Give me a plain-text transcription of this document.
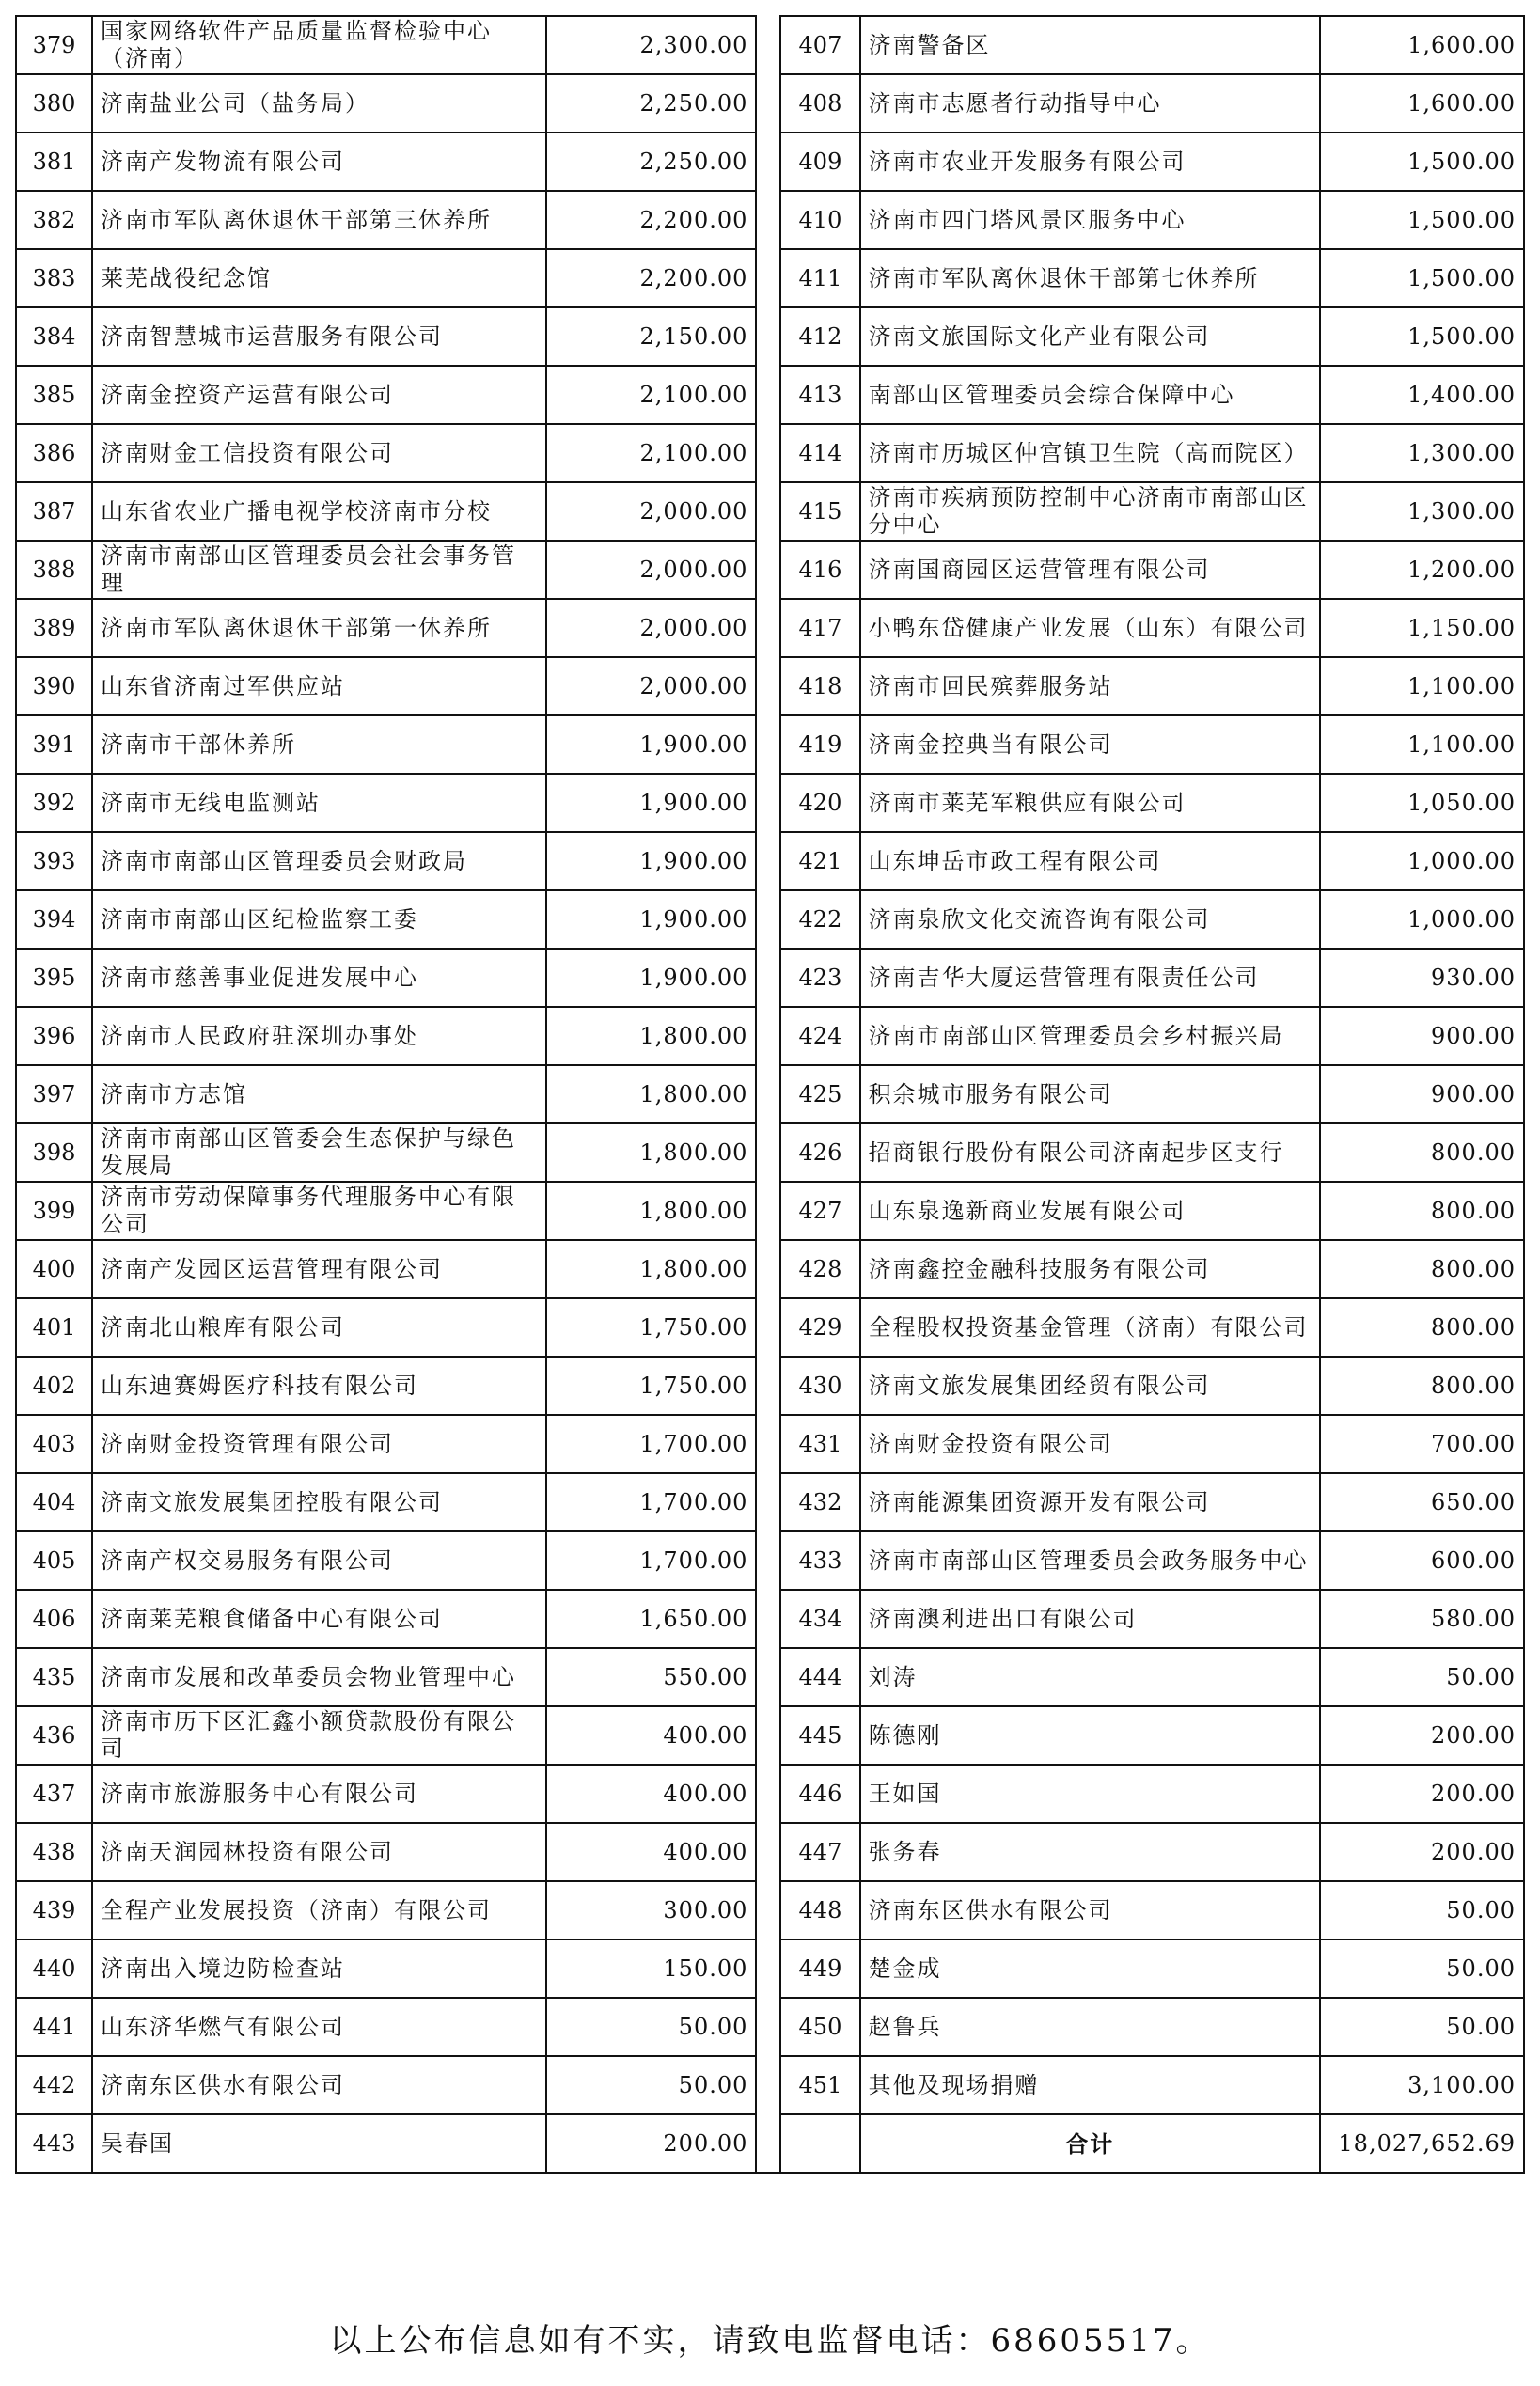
379	国家网络软件产品质量监督检验中心（济南）	2,300.00		407	济南警备区	1,600.00
380	济南盐业公司（盐务局）	2,250.00		408	济南市志愿者行动指导中心	1,600.00
381	济南产发物流有限公司	2,250.00		409	济南市农业开发服务有限公司	1,500.00
382	济南市军队离休退休干部第三休养所	2,200.00		410	济南市四门塔风景区服务中心	1,500.00
383	莱芜战役纪念馆	2,200.00		411	济南市军队离休退休干部第七休养所	1,500.00
384	济南智慧城市运营服务有限公司	2,150.00		412	济南文旅国际文化产业有限公司	1,500.00
385	济南金控资产运营有限公司	2,100.00		413	南部山区管理委员会综合保障中心	1,400.00
386	济南财金工信投资有限公司	2,100.00		414	济南市历城区仲宫镇卫生院（高而院区）	1,300.00
387	山东省农业广播电视学校济南市分校	2,000.00		415	济南市疾病预防控制中心济南市南部山区分中心	1,300.00
388	济南市南部山区管理委员会社会事务管理	2,000.00		416	济南国商园区运营管理有限公司	1,200.00
389	济南市军队离休退休干部第一休养所	2,000.00		417	小鸭东岱健康产业发展（山东）有限公司	1,150.00
390	山东省济南过军供应站	2,000.00		418	济南市回民殡葬服务站	1,100.00
391	济南市干部休养所	1,900.00		419	济南金控典当有限公司	1,100.00
392	济南市无线电监测站	1,900.00		420	济南市莱芜军粮供应有限公司	1,050.00
393	济南市南部山区管理委员会财政局	1,900.00		421	山东坤岳市政工程有限公司	1,000.00
394	济南市南部山区纪检监察工委	1,900.00		422	济南泉欣文化交流咨询有限公司	1,000.00
395	济南市慈善事业促进发展中心	1,900.00		423	济南吉华大厦运营管理有限责任公司	930.00
396	济南市人民政府驻深圳办事处	1,800.00		424	济南市南部山区管理委员会乡村振兴局	900.00
397	济南市方志馆	1,800.00		425	积余城市服务有限公司	900.00
398	济南市南部山区管委会生态保护与绿色发展局	1,800.00		426	招商银行股份有限公司济南起步区支行	800.00
399	济南市劳动保障事务代理服务中心有限公司	1,800.00		427	山东泉逸新商业发展有限公司	800.00
400	济南产发园区运营管理有限公司	1,800.00		428	济南鑫控金融科技服务有限公司	800.00
401	济南北山粮库有限公司	1,750.00		429	全程股权投资基金管理（济南）有限公司	800.00
402	山东迪赛姆医疗科技有限公司	1,750.00		430	济南文旅发展集团经贸有限公司	800.00
403	济南财金投资管理有限公司	1,700.00		431	济南财金投资有限公司	700.00
404	济南文旅发展集团控股有限公司	1,700.00		432	济南能源集团资源开发有限公司	650.00
405	济南产权交易服务有限公司	1,700.00		433	济南市南部山区管理委员会政务服务中心	600.00
406	济南莱芜粮食储备中心有限公司	1,650.00		434	济南澳利进出口有限公司	580.00
435	济南市发展和改革委员会物业管理中心	550.00		444	刘涛	50.00
436	济南市历下区汇鑫小额贷款股份有限公司	400.00		445	陈德刚	200.00
437	济南市旅游服务中心有限公司	400.00		446	王如国	200.00
438	济南天润园林投资有限公司	400.00		447	张务春	200.00
439	全程产业发展投资（济南）有限公司	300.00		448	济南东区供水有限公司	50.00
440	济南出入境边防检查站	150.00		449	楚金成	50.00
441	山东济华燃气有限公司	50.00		450	赵鲁兵	50.00
442	济南东区供水有限公司	50.00		451	其他及现场捐赠	3,100.00
443	吴春国	200.00			合计	18,027,652.69
以上公布信息如有不实，请致电监督电话：68605517。
